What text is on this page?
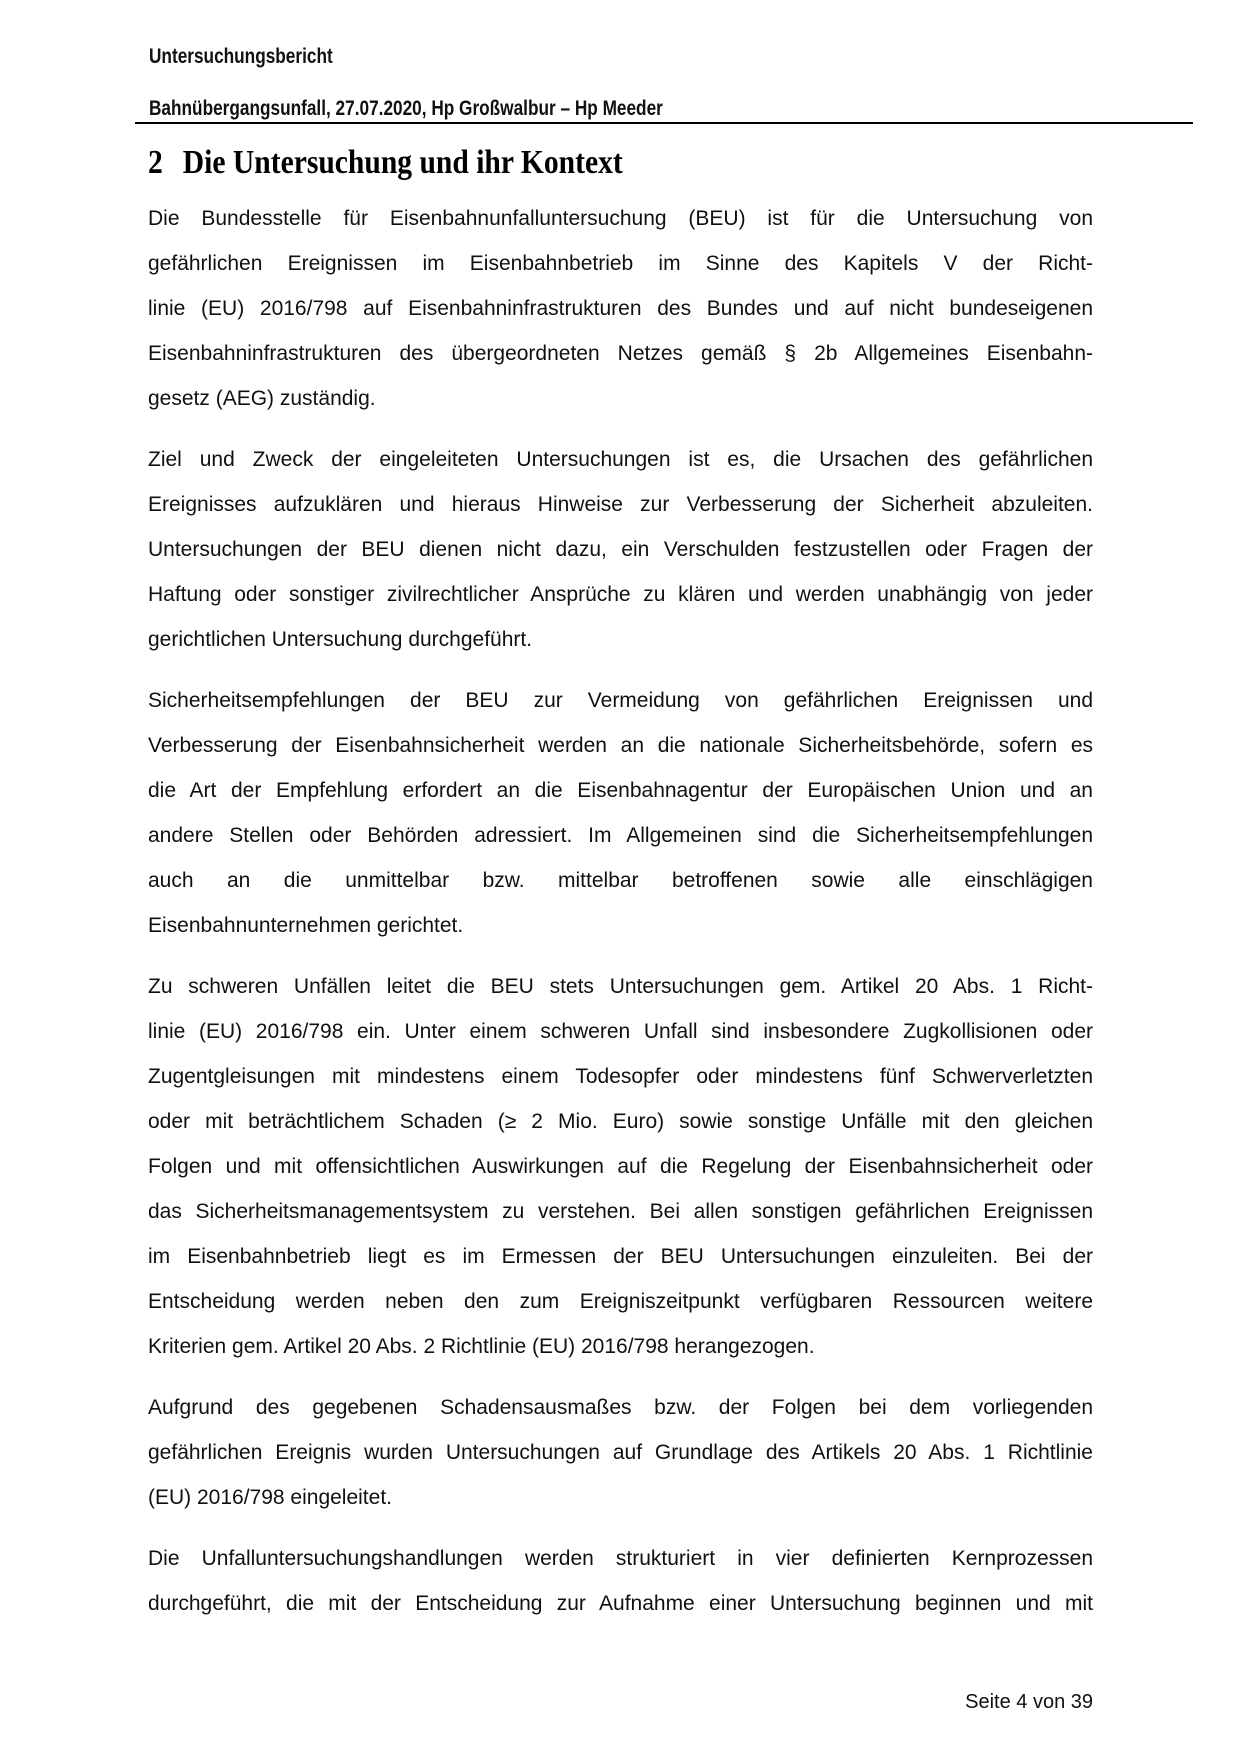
Untersuchungsbericht
Bahnübergangsunfall, 27.07.2020, Hp Großwalbur – Hp Meeder
2 Die Untersuchung und ihr Kontext
Die Bundesstelle für Eisenbahnunfalluntersuchung (BEU) ist für die Untersuchung von
gefährlichen Ereignissen im Eisenbahnbetrieb im Sinne des Kapitels V der Richt-
linie (EU) 2016/798 auf Eisenbahninfrastrukturen des Bundes und auf nicht bundeseigenen
Eisenbahninfrastrukturen des übergeordneten Netzes gemäß § 2b Allgemeines Eisenbahn-
gesetz (AEG) zuständig.
Ziel und Zweck der eingeleiteten Untersuchungen ist es, die Ursachen des gefährlichen
Ereignisses aufzuklären und hieraus Hinweise zur Verbesserung der Sicherheit abzuleiten.
Untersuchungen der BEU dienen nicht dazu, ein Verschulden festzustellen oder Fragen der
Haftung oder sonstiger zivilrechtlicher Ansprüche zu klären und werden unabhängig von jeder
gerichtlichen Untersuchung durchgeführt.
Sicherheitsempfehlungen der BEU zur Vermeidung von gefährlichen Ereignissen und
Verbesserung der Eisenbahnsicherheit werden an die nationale Sicherheitsbehörde, sofern es
die Art der Empfehlung erfordert an die Eisenbahnagentur der Europäischen Union und an
andere Stellen oder Behörden adressiert. Im Allgemeinen sind die Sicherheitsempfehlungen
auch an die unmittelbar bzw. mittelbar betroffenen sowie alle einschlägigen
Eisenbahnunternehmen gerichtet.
Zu schweren Unfällen leitet die BEU stets Untersuchungen gem. Artikel 20 Abs. 1 Richt-
linie (EU) 2016/798 ein. Unter einem schweren Unfall sind insbesondere Zugkollisionen oder
Zugentgleisungen mit mindestens einem Todesopfer oder mindestens fünf Schwerverletzten
oder mit beträchtlichem Schaden (≥ 2 Mio. Euro) sowie sonstige Unfälle mit den gleichen
Folgen und mit offensichtlichen Auswirkungen auf die Regelung der Eisenbahnsicherheit oder
das Sicherheitsmanagementsystem zu verstehen. Bei allen sonstigen gefährlichen Ereignissen
im Eisenbahnbetrieb liegt es im Ermessen der BEU Untersuchungen einzuleiten. Bei der
Entscheidung werden neben den zum Ereigniszeitpunkt verfügbaren Ressourcen weitere
Kriterien gem. Artikel 20 Abs. 2 Richtlinie (EU) 2016/798 herangezogen.
Aufgrund des gegebenen Schadensausmaßes bzw. der Folgen bei dem vorliegenden
gefährlichen Ereignis wurden Untersuchungen auf Grundlage des Artikels 20 Abs. 1 Richtlinie
(EU) 2016/798 eingeleitet.
Die Unfalluntersuchungshandlungen werden strukturiert in vier definierten Kernprozessen
durchgeführt, die mit der Entscheidung zur Aufnahme einer Untersuchung beginnen und mit
Seite 4 von 39
